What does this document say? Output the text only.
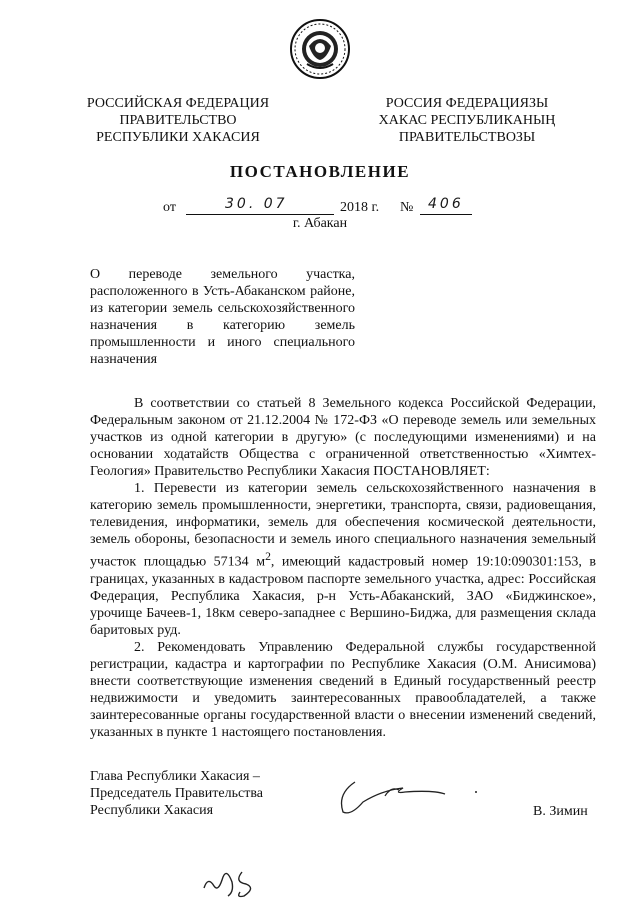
РОССИЙСКАЯ ФЕДЕРАЦИЯ
ПРАВИТЕЛЬСТВО
РЕСПУБЛИКИ ХАКАСИЯ
РОССИЯ ФЕДЕРАЦИЯЗЫ
ХАКАС РЕСПУБЛИКАНЫҢ
ПРАВИТЕЛЬСТВОЗЫ
ПОСТАНОВЛЕНИЕ
от	30. 07	2018 г. № 406
г. Абакан
О переводе земельного участка, расположенного в Усть-Абаканском районе, из категории земель сельскохозяйственного назначения в категорию земель промышленности и иного специального назначения

В соответствии со статьей 8 Земельного кодекса Российской Федерации, Федеральным законом от 21.12.2004 № 172-ФЗ «О переводе земель или земельных участков из одной категории в другую» (с последующими изменениями) и на основании ходатайств Общества с ограниченной ответственностью «Химтех-Геология» Правительство Республики Хакасия ПОСТАНОВЛЯЕТ:

1. Перевести из категории земель сельскохозяйственного назначения в категорию земель промышленности, энергетики, транспорта, связи, радиовещания, телевидения, информатики, земель для обеспечения космической деятельности, земель обороны, безопасности и земель иного специального назначения земельный участок площадью 57134 $м^2$, имеющий кадастровый номер 19:10:090301:153, в границах, указанных в кадастровом паспорте земельного участка, адрес: Российская Федерация, Республика Хакасия, р-н Усть-Абаканский, ЗАО «Биджинское», урочище Бачеев-1, 18км северо-западнее с Вершино-Биджа, для размещения склада баритовых руд.

2. Рекомендовать Управлению Федеральной службы государственной регистрации, кадастра и картографии по Республике Хакасия (О.М. Анисимова) внести соответствующие изменения сведений в Единый государственный реестр недвижимости и уведомить заинтересованных правообладателей, а также заинтересованные органы государственной власти о внесении изменений сведений, указанных в пункте 1 настоящего постановления.

Глава Республики Хакасия –
Председатель Правительства
Республики Хакасия	В. Зимин
